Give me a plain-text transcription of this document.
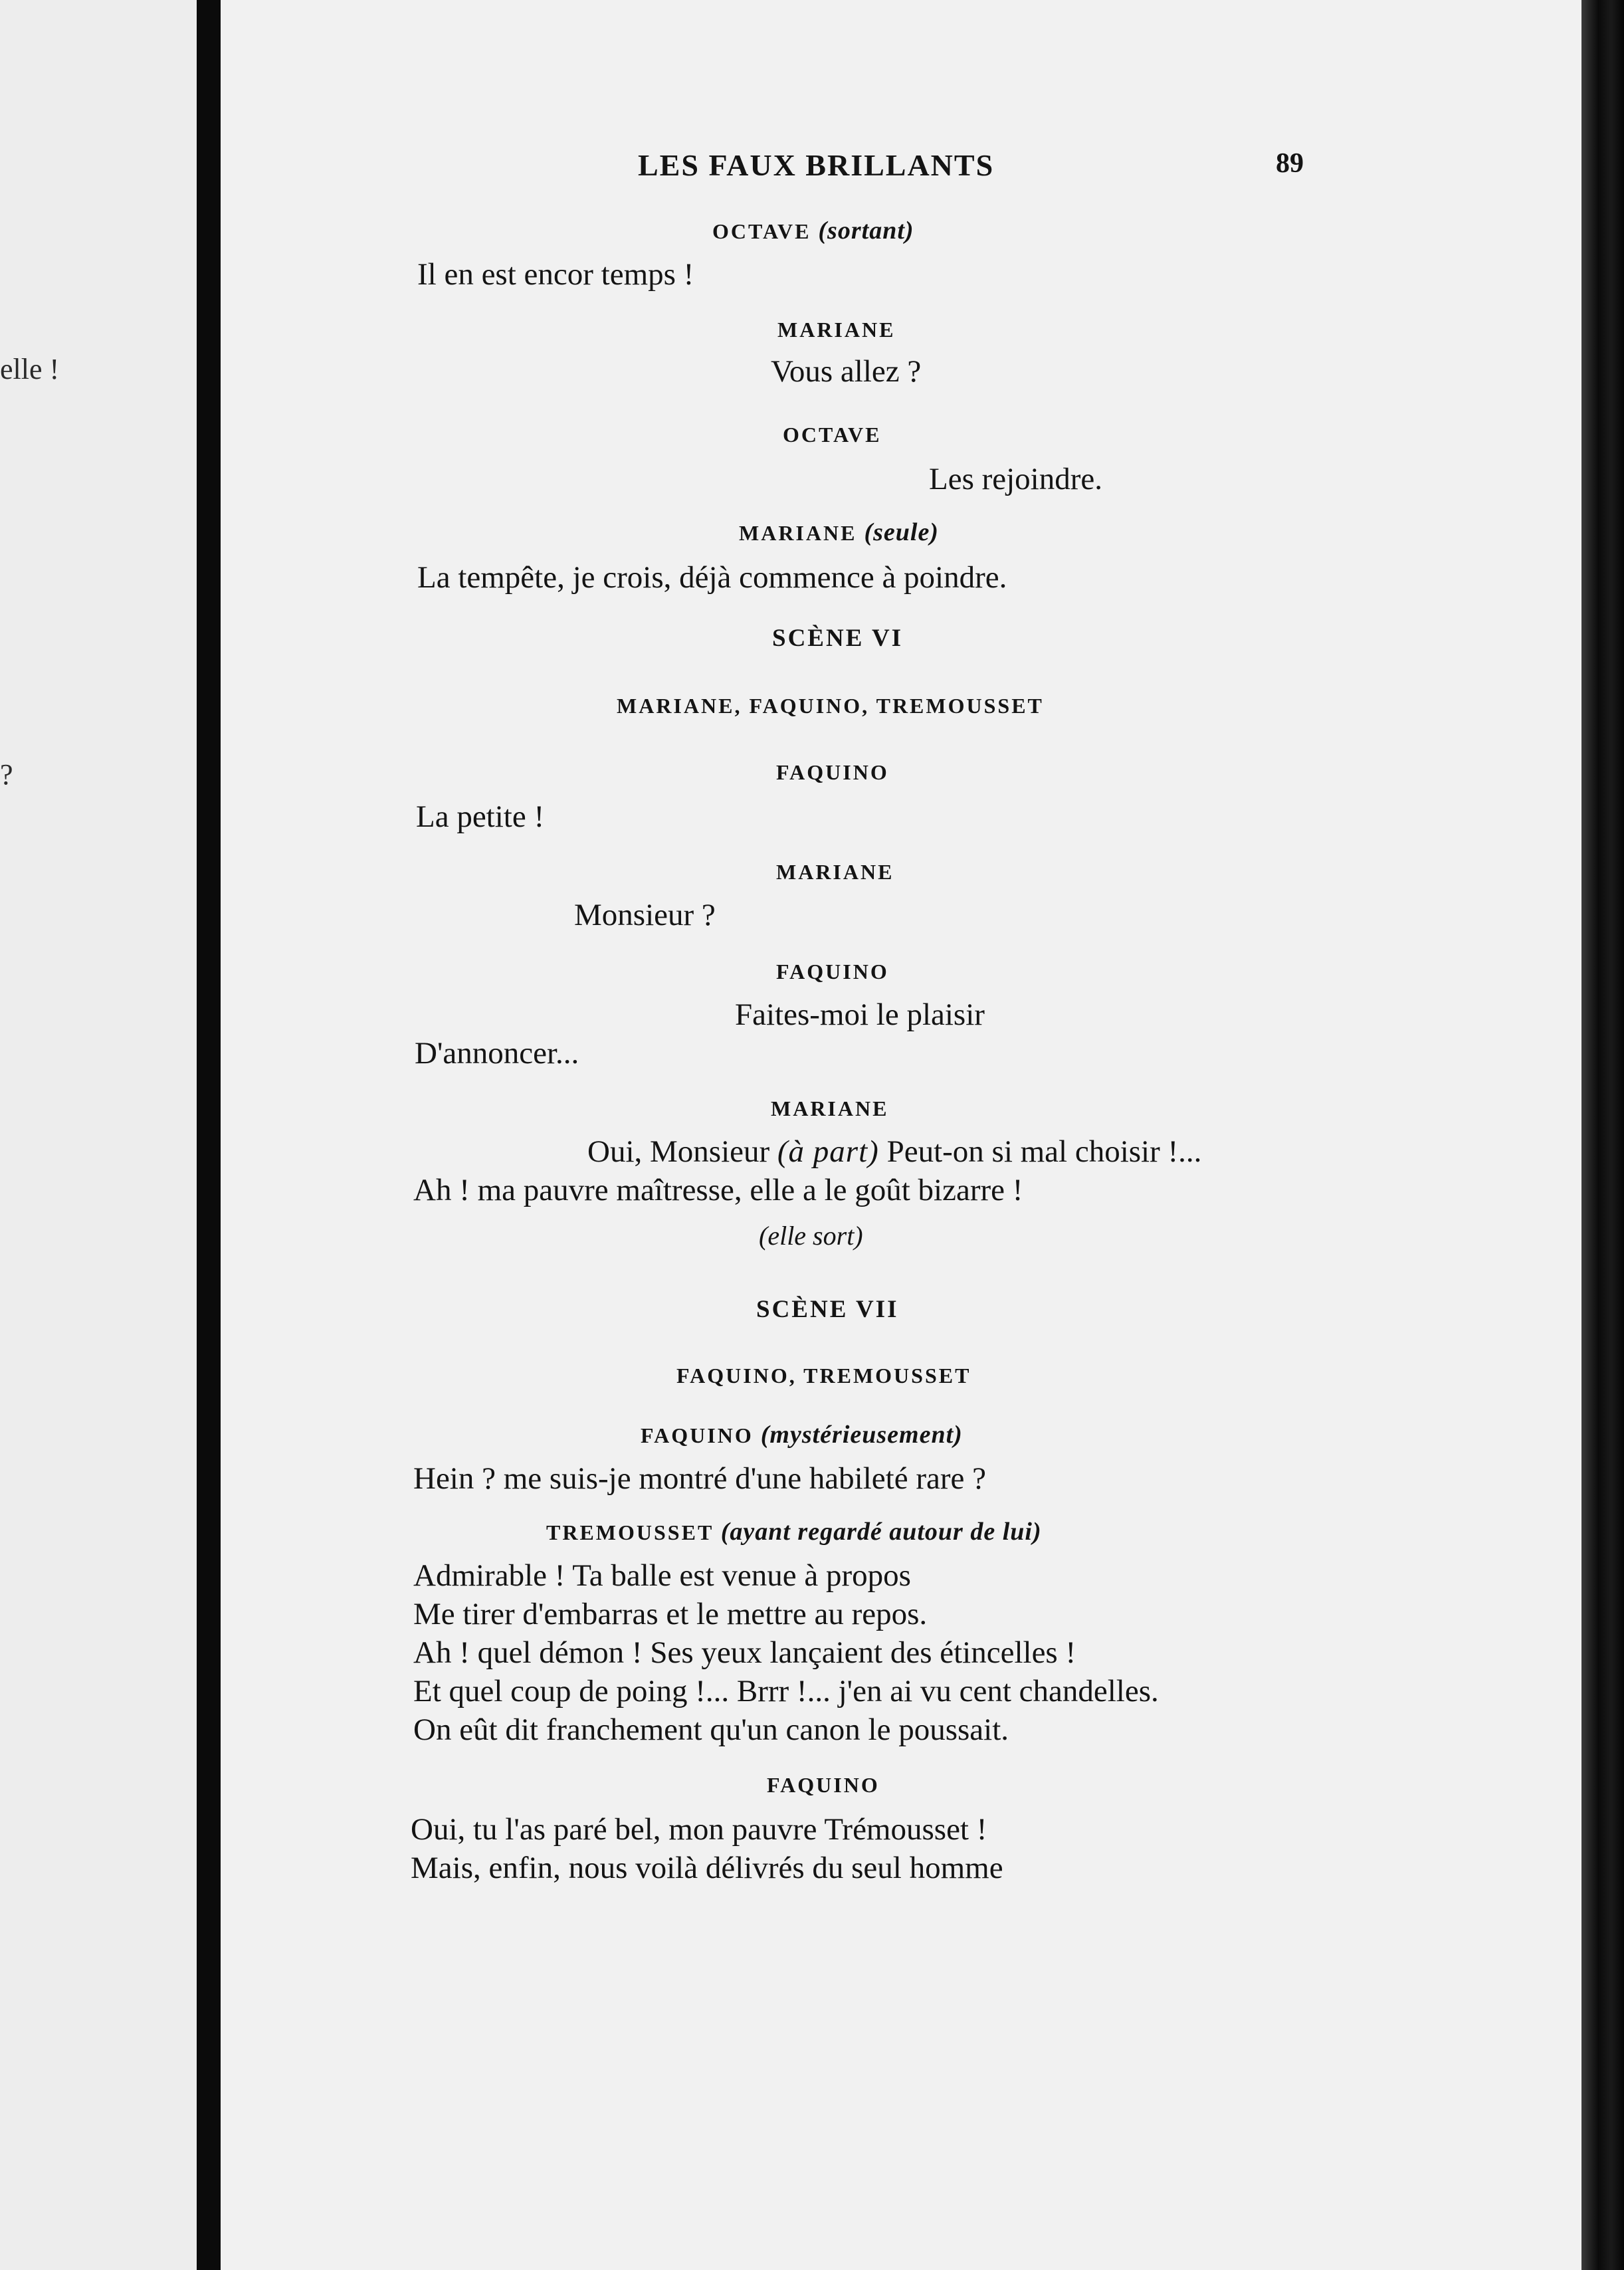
elle !
?
LES FAUX BRILLANTS	89
OCTAVE (sortant)
Il en est encor temps !
MARIANE
Vous allez ?
OCTAVE
Les rejoindre.
MARIANE (seule)
La tempête, je crois, déjà commence à poindre.
SCÈNE VI
MARIANE, FAQUINO, TREMOUSSET
FAQUINO
La petite !
MARIANE
Monsieur ?
FAQUINO
Faites-moi le plaisir
D'annoncer...
MARIANE
Oui, Monsieur (à part) Peut-on si mal choisir !...
Ah ! ma pauvre maîtresse, elle a le goût bizarre !
(elle sort)
SCÈNE VII
FAQUINO, TREMOUSSET
FAQUINO (mystérieusement)
Hein ? me suis-je montré d'une habileté rare ?
TREMOUSSET (ayant regardé autour de lui)
Admirable ! Ta balle est venue à propos
Me tirer d'embarras et le mettre au repos.
Ah ! quel démon ! Ses yeux lançaient des étincelles !
Et quel coup de poing !... Brrr !... j'en ai vu cent chandelles.
On eût dit franchement qu'un canon le poussait.
FAQUINO
Oui, tu l'as paré bel, mon pauvre Trémousset !
Mais, enfin, nous voilà délivrés du seul homme
